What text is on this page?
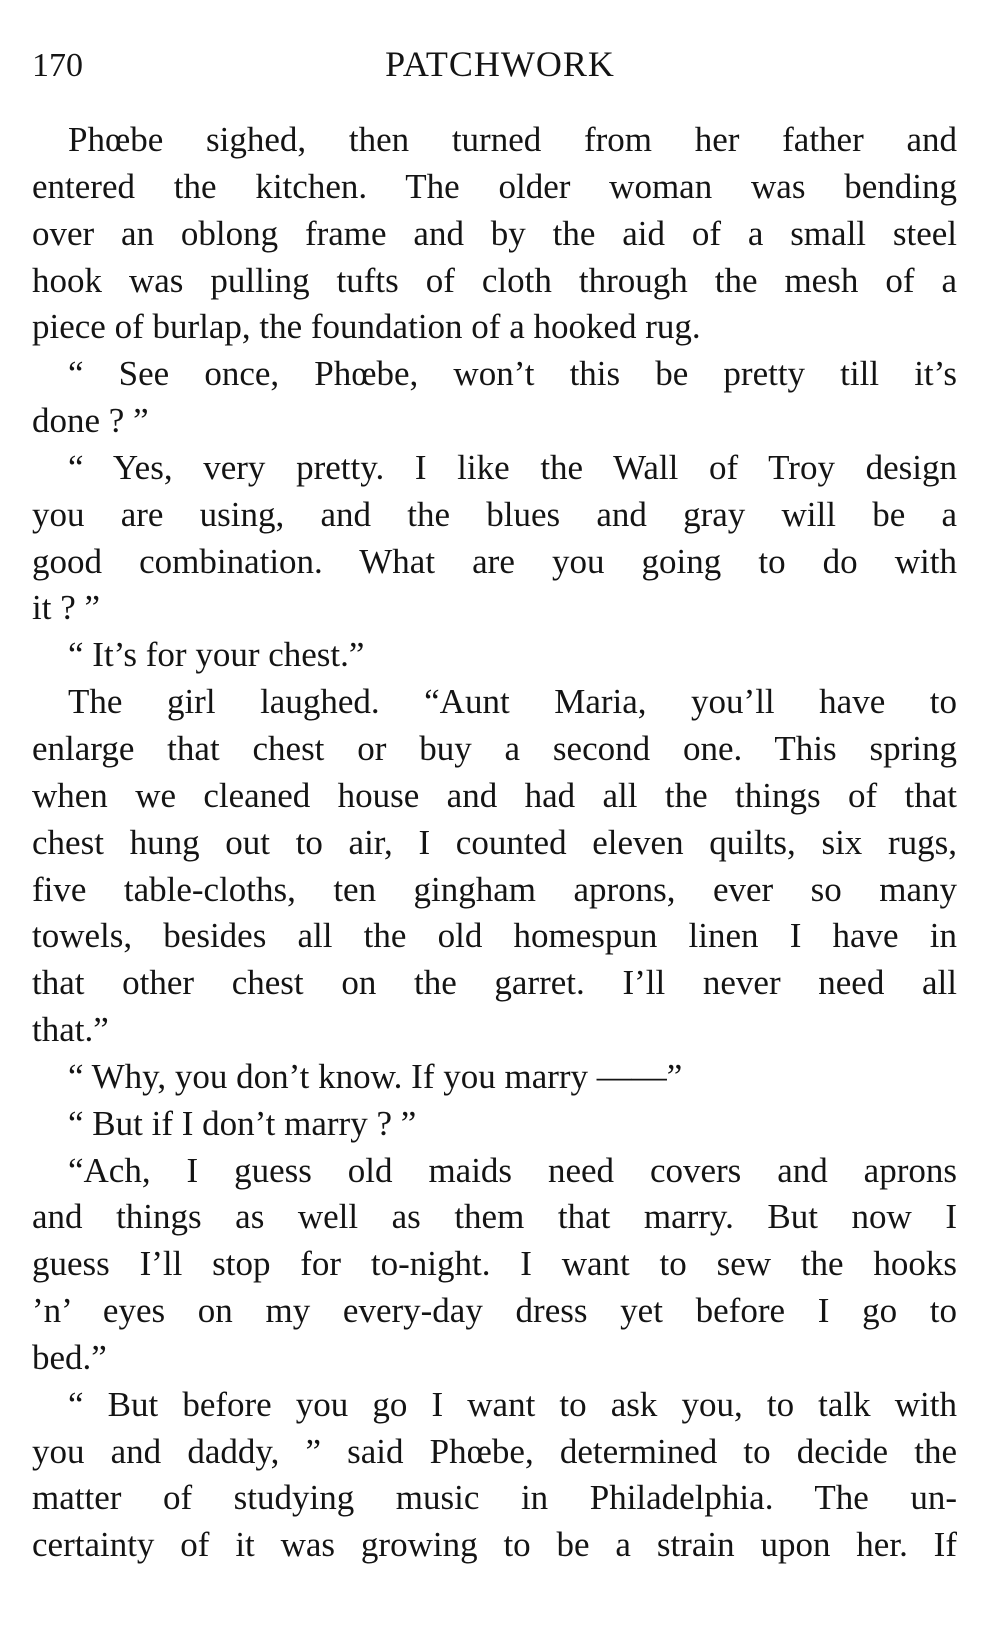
170	PATCHWORK
Phœbe sighed, then turned from her father and
entered the kitchen. The older woman was bending
over an oblong frame and by the aid of a small steel
hook was pulling tufts of cloth through the mesh of a
piece of burlap, the foundation of a hooked rug.
“ See once, Phœbe, won’t this be pretty till it’s
done ? ”
“ Yes, very pretty. I like the Wall of Troy design
you are using, and the blues and gray will be a
good combination. What are you going to do with
it ? ”
“ It’s for your chest.”
The girl laughed. “Aunt Maria, you’ll have to
enlarge that chest or buy a second one. This spring
when we cleaned house and had all the things of that
chest hung out to air, I counted eleven quilts, six rugs,
five table-cloths, ten gingham aprons, ever so many
towels, besides all the old homespun linen I have in
that other chest on the garret. I’ll never need all
that.”
“ Why, you don’t know. If you marry ——”
“ But if I don’t marry ? ”
“Ach, I guess old maids need covers and aprons
and things as well as them that marry. But now I
guess I’ll stop for to-night. I want to sew the hooks
’n’ eyes on my every-day dress yet before I go to
bed.”
“ But before you go I want to ask you, to talk with
you and daddy, ” said Phœbe, determined to decide the
matter of studying music in Philadelphia. The un-
certainty of it was growing to be a strain upon her. If
